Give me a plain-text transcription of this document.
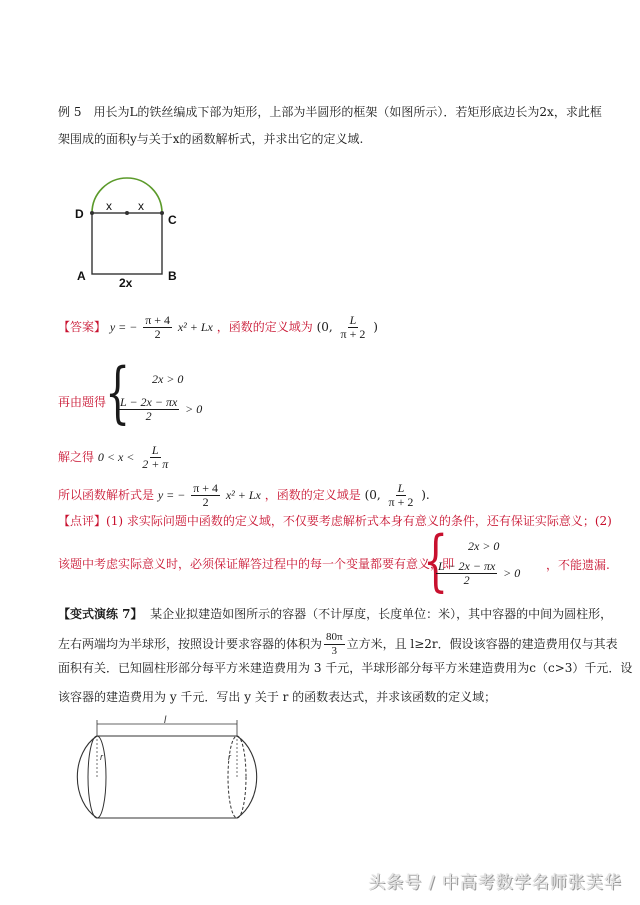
例 5　用长为L的铁丝编成下部为矩形，上部为半圆形的框架（如图所示）．若矩形底边长为2x，求此框
架围成的面积y与关于x的函数解析式，并求出它的定义域.
D	C
A	B
x x
2x
【答案】 y = − $\frac{\pi + 4}{2} x^2 + Lx$ ，函数的定义域为 (0, $\frac{L}{\pi + 2}$ )
再由题得
{ 2x > 0
$\frac{L - 2x - \pi x}{2} > 0$
解之得 $0 < x < \frac{L}{2 + \pi}$
所以函数解析式是 y = − $\frac{\pi + 4}{2} x^2 + Lx$ ，函数的定义域是 (0, $\frac{L}{\pi + 2}$ ).
【点评】(1) 求实际问题中函数的定义域，不仅要考虑解析式本身有意义的条件，还有保证实际意义；(2)
该题中考虑实际意义时，必须保证解答过程中的每一个变量都要有意义，即
{ 2x > 0
$\frac{L - 2x - \pi x}{2} > 0$
，不能遗漏.
【变式演练 7】 某企业拟建造如图所示的容器（不计厚度，长度单位：米），其中容器的中间为圆柱形，
左右两端均为半球形，按照设计要求容器的体积为 $\frac{80\pi}{3}$ 立方米，且 l≥2r．假设该容器的建造费用仅与其表
面积有关．已知圆柱形部分每平方米建造费用为 3 千元，半球形部分每平方米建造费用为c（c>3）千元．设
该容器的建造费用为 y 千元．写出 y 关于 r 的函数表达式，并求该函数的定义域；
l
r	r
头条号 / 中高考数学名师张芙华
